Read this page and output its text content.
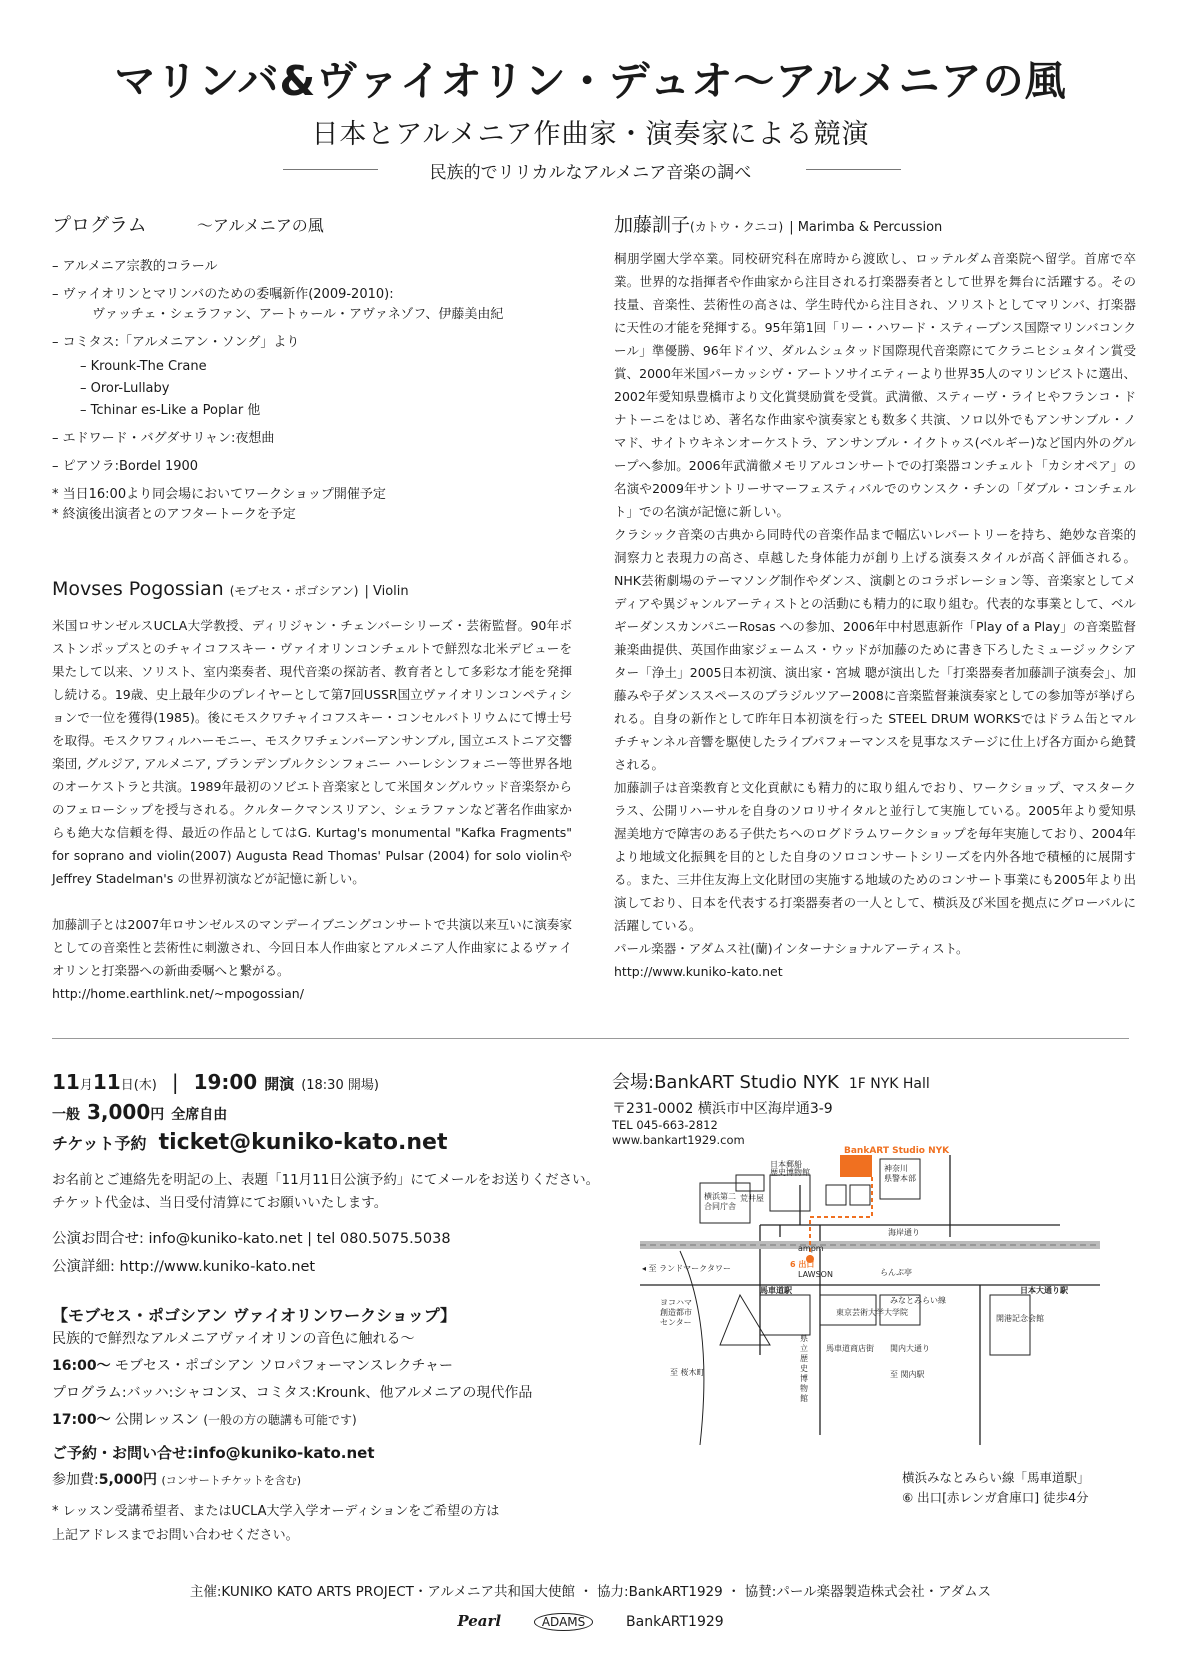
マリンバ&ヴァイオリン・デュオ〜アルメニアの風
日本とアルメニア作曲家・演奏家による競演
民族的でリリカルなアルメニア音楽の調べ
プログラム	〜アルメニアの風
– アルメニア宗教的コラール
– ヴァイオリンとマリンバのための委嘱新作(2009-2010):
ヴァッチェ・シェラファン、アートゥール・アヴァネゾフ、伊藤美由紀
– コミタス:「アルメニアン・ソング」より
– Krounk-The Crane
– Oror-Lullaby
– Tchinar es-Like a Poplar 他
– エドワード・バグダサリャン:夜想曲
– ピアソラ:Bordel 1900
* 当日16:00より同会場においてワークショップ開催予定
* 終演後出演者とのアフタートークを予定
Movses Pogossian (モブセス・ポゴシアン) | Violin
米国ロサンゼルスUCLA大学教授、ディリジャン・チェンバーシリーズ・芸術監督。90年ボストンポップスとのチャイコフスキー・ヴァイオリンコンチェルトで鮮烈な北米デビューを果たして以来、ソリスト、室内楽奏者、現代音楽の探訪者、教育者として多彩な才能を発揮し続ける。19歳、史上最年少のプレイヤーとして第7回USSR国立ヴァイオリンコンペティションで一位を獲得(1985)。後にモスクワチャイコフスキー・コンセルバトリウムにて博士号を取得。モスクワフィルハーモニー、モスクワチェンバーアンサンブル, 国立エストニア交響楽団, グルジア, アルメニア, ブランデンブルクシンフォニー ハーレシンフォニー等世界各地のオーケストラと共演。1989年最初のソビエト音楽家として米国タングルウッド音楽祭からのフェローシップを授与される。クルタークマンスリアン、シェラファンなど著名作曲家からも絶大な信頼を得、最近の作品としてはG. Kurtag's monumental "Kafka Fragments" for soprano and violin(2007) Augusta Read Thomas' Pulsar (2004) for solo violinや Jeffrey Stadelman's の世界初演などが記憶に新しい。
加藤訓子とは2007年ロサンゼルスのマンデーイブニングコンサートで共演以来互いに演奏家としての音楽性と芸術性に刺激され、今回日本人作曲家とアルメニア人作曲家によるヴァイオリンと打楽器への新曲委嘱へと繋がる。
http://home.earthlink.net/~mpogossian/
加藤訓子(カトウ・クニコ) | Marimba & Percussion
桐朋学園大学卒業。同校研究科在席時から渡欧し、ロッテルダム音楽院へ留学。首席で卒業。世界的な指揮者や作曲家から注目される打楽器奏者として世界を舞台に活躍する。その技量、音楽性、芸術性の高さは、学生時代から注目され、ソリストとしてマリンバ、打楽器に天性の才能を発揮する。95年第1回「リー・ハワード・スティーブンス国際マリンバコンクール」準優勝、96年ドイツ、ダルムシュタッド国際現代音楽際にてクラニヒシュタイン賞受賞、2000年米国パーカッシヴ・アートソサイエティーより世界35人のマリンビストに選出、2002年愛知県豊橋市より文化賞奨励賞を受賞。武満徹、スティーヴ・ライヒやフランコ・ドナトーニをはじめ、著名な作曲家や演奏家とも数多く共演、ソロ以外でもアンサンブル・ノマド、サイトウキネンオーケストラ、アンサンブル・イクトゥス(ベルギー)など国内外のグループへ参加。2006年武満徹メモリアルコンサートでの打楽器コンチェルト「カシオペア」の名演や2009年サントリーサマーフェスティバルでのウンスク・チンの「ダブル・コンチェルト」での名演が記憶に新しい。
クラシック音楽の古典から同時代の音楽作品まで幅広いレパートリーを持ち、絶妙な音楽的洞察力と表現力の高さ、卓越した身体能力が創り上げる演奏スタイルが高く評価される。NHK芸術劇場のテーマソング制作やダンス、演劇とのコラボレーション等、音楽家としてメディアや異ジャンルアーティストとの活動にも精力的に取り組む。代表的な事業として、ベルギーダンスカンパニーRosas への参加、2006年中村恩恵新作「Play of a Play」の音楽監督兼楽曲提供、英国作曲家ジェームス・ウッドが加藤のために書き下ろしたミュージックシアター「浄土」2005日本初演、演出家・宮城 聰が演出した「打楽器奏者加藤訓子演奏会」、加藤みや子ダンススペースのブラジルツアー2008に音楽監督兼演奏家としての参加等が挙げられる。自身の新作として昨年日本初演を行った STEEL DRUM WORKSではドラム缶とマルチチャンネル音響を駆使したライブパフォーマンスを見事なステージに仕上げ各方面から絶賛される。
加藤訓子は音楽教育と文化貢献にも精力的に取り組んでおり、ワークショップ、マスタークラス、公開リハーサルを自身のソロリサイタルと並行して実施している。2005年より愛知県渥美地方で障害のある子供たちへのログドラムワークショップを毎年実施しており、2004年より地域文化振興を目的とした自身のソロコンサートシリーズを内外各地で積極的に展開する。また、三井住友海上文化財団の実施する地域のためのコンサート事業にも2005年より出演しており、日本を代表する打楽器奏者の一人として、横浜及び米国を拠点にグローバルに活躍している。
パール楽器・アダムス社(蘭)インターナショナルアーティスト。
http://www.kuniko-kato.net
11月11日(木) | 19:00 開演 (18:30 開場)
一般 3,000円 全席自由
チケット予約 ticket@kuniko-kato.net
お名前とご連絡先を明記の上、表題「11月11日公演予約」にてメールをお送りください。チケット代金は、当日受付清算にてお願いいたします。
公演お問合せ: info@kuniko-kato.net | tel 080.5075.5038
公演詳細: http://www.kuniko-kato.net
【モブセス・ポゴシアン ヴァイオリンワークショップ】
民族的で鮮烈なアルメニアヴァイオリンの音色に触れる〜
16:00〜 モブセス・ポゴシアン ソロパフォーマンスレクチャー
プログラム:バッハ:シャコンヌ、コミタス:Krounk、他アルメニアの現代作品
17:00〜 公開レッスン (一般の方の聴講も可能です)
ご予約・お問い合せ:info@kuniko-kato.net
参加費:5,000円 (コンサートチケットを含む)
* レッスン受講希望者、またはUCLA大学入学オーディションをご希望の方は
上記アドレスまでお問い合わせください。
会場:BankART Studio NYK 1F NYK Hall
〒231-0002 横浜市中区海岸通3-9
TEL 045-663-2812
www.bankart1929.com
BankART Studio NYK
日本郵船
歴史博物館	神奈川
県警本部
荒井屋
横浜第二
合同庁舎
海岸通り
ampm
6 出口
LAWSON	らんぷ亭
◂ 至 ランドマークタワー
馬車道駅	日本大通り駅
みなとみらい線
ヨコハマ
創造都市
センター
至 桜木町
県
立
歴
史
博
物
館
馬車道商店街
東京芸術大学大学院
関内大通り
至 関内駅
開港記念会館
横浜みなとみらい線「馬車道駅」
⑥ 出口[赤レンガ倉庫口] 徒歩4分
主催:KUNIKO KATO ARTS PROJECT・アルメニア共和国大使館 ・ 協力:BankART1929 ・ 協賛:パール楽器製造株式会社・アダムス
Pearl	ADAMS	BankART1929
